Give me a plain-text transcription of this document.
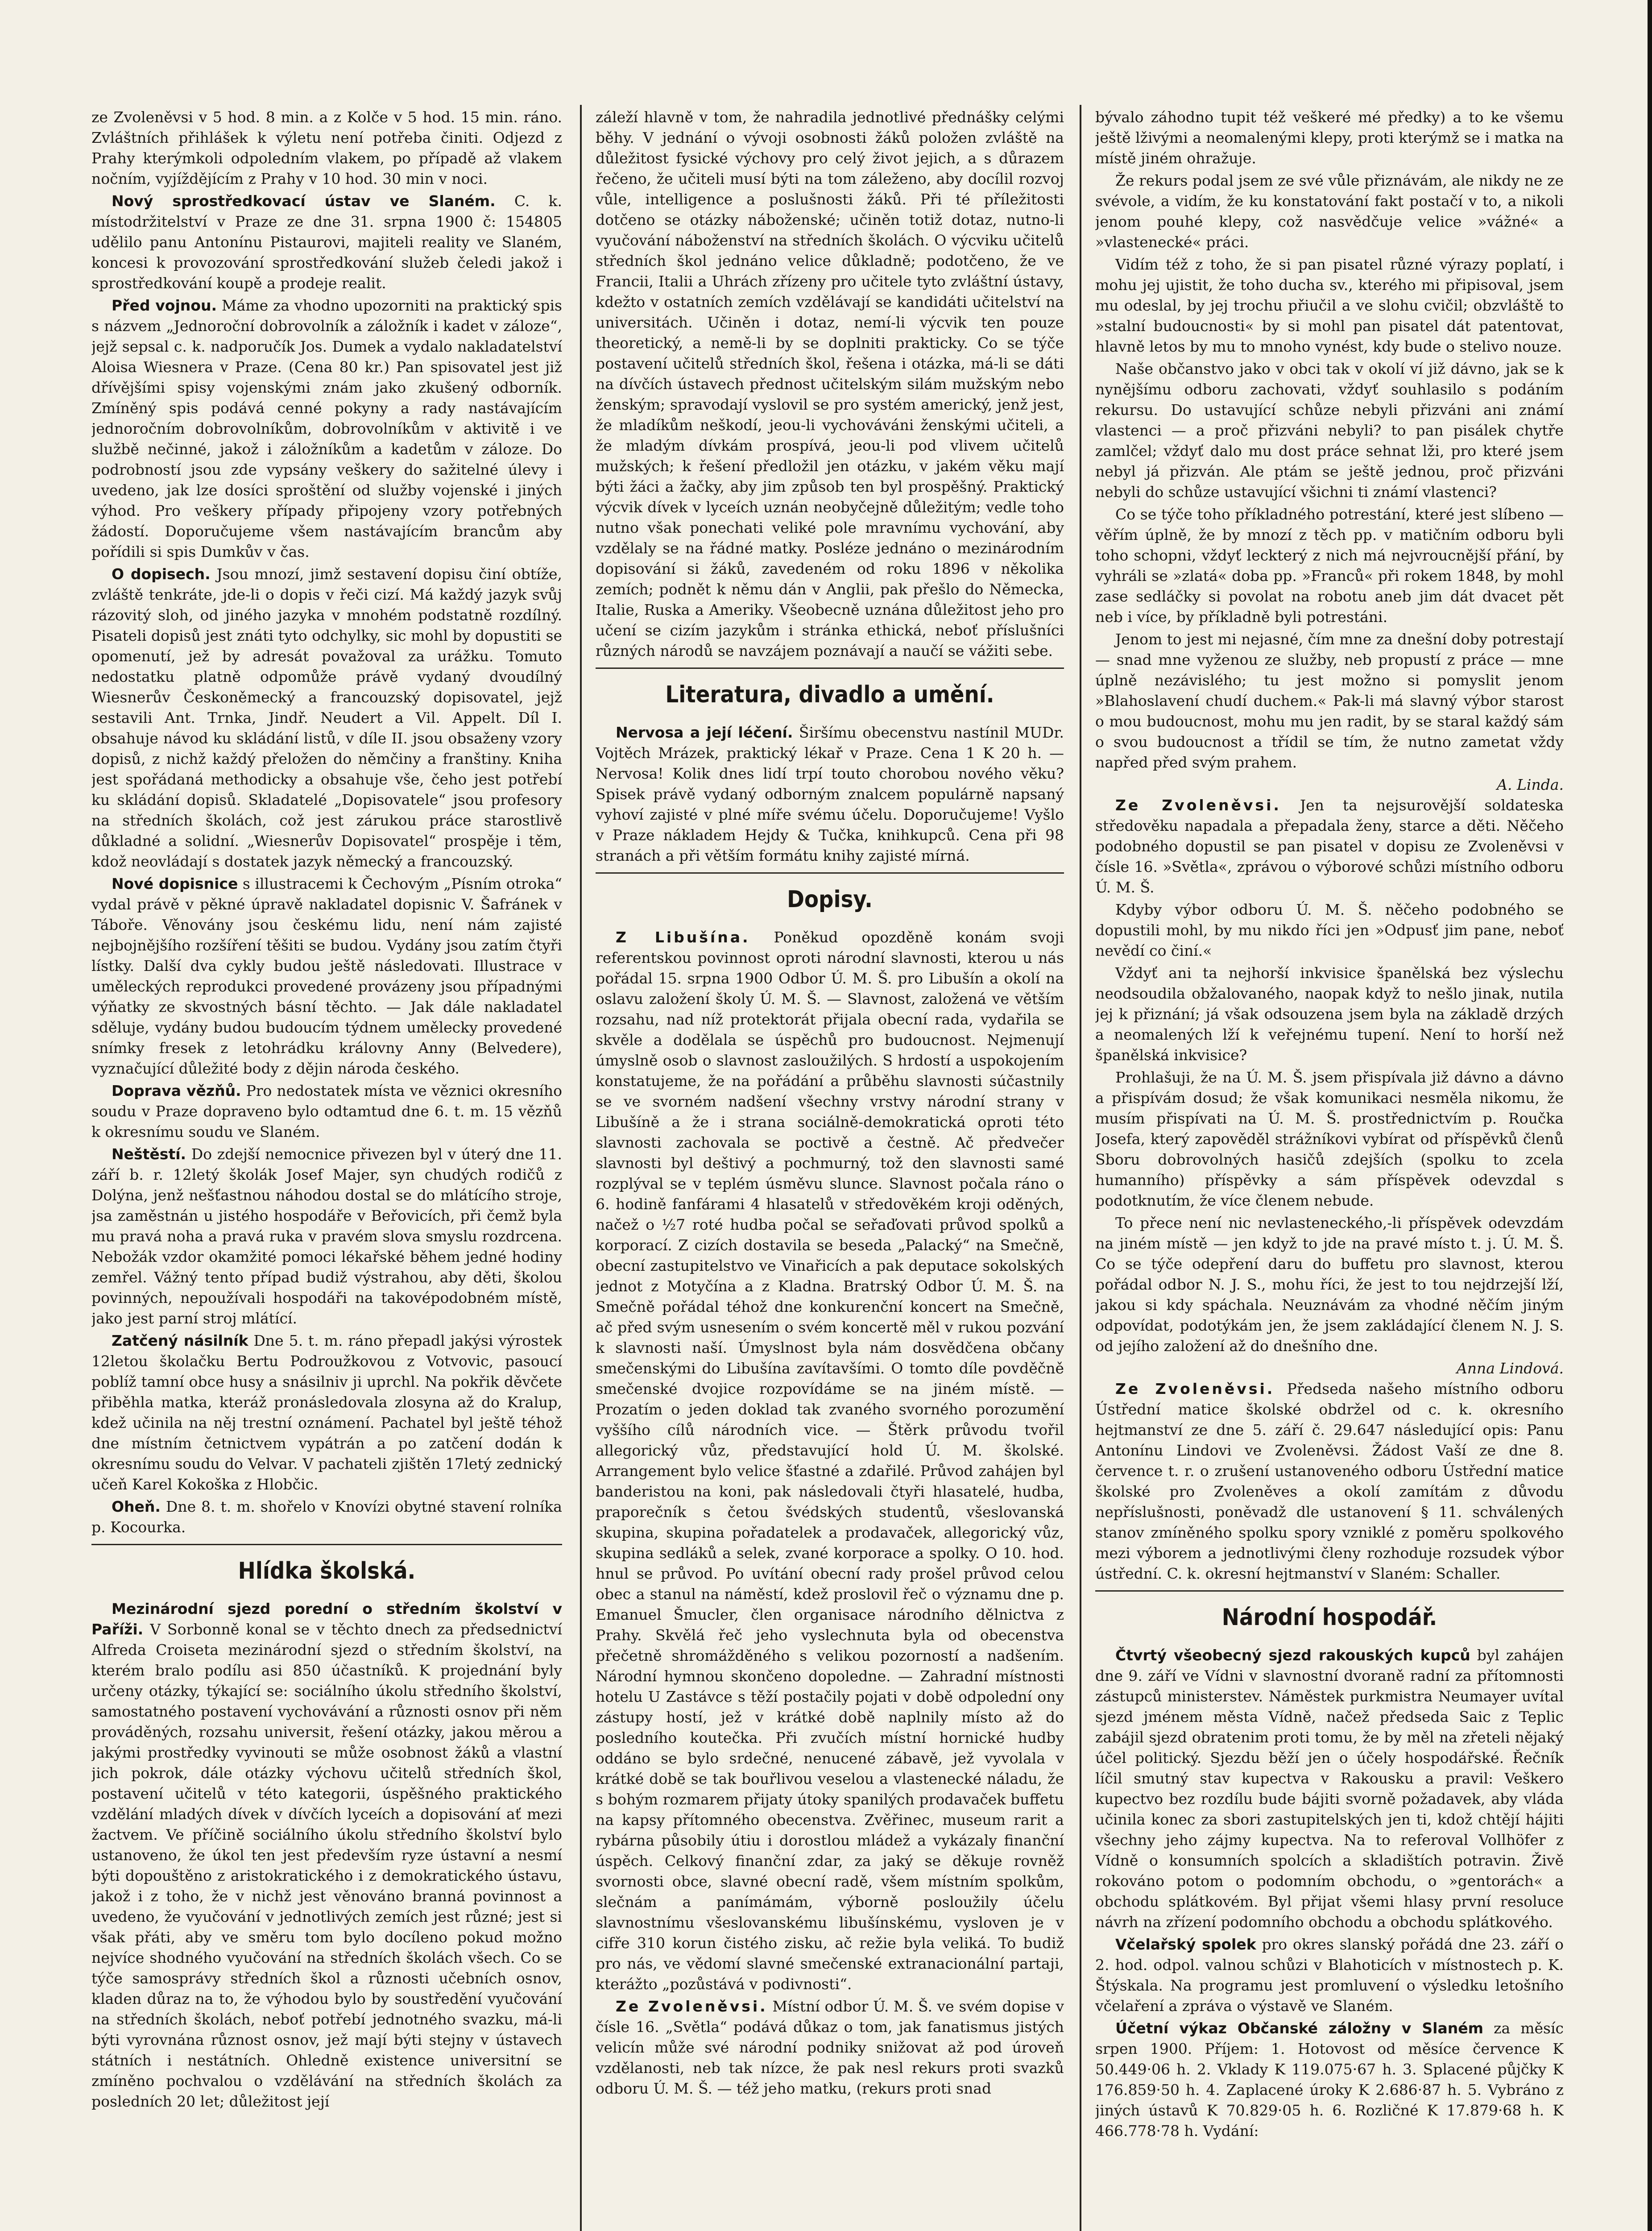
ze Zvoleněvsi v 5 hod. 8 min. a z Kolče v 5 hod. 15 min. ráno. Zvláštních přihlášek k výletu není potřeba činiti. Odjezd z Prahy kterýmkoli odpoledním vlakem, po případě až vlakem nočním, vyjíždějícím z Prahy v 10 hod. 30 min v noci.

Nový sprostředkovací ústav ve Slaném. C. k. místodržitelství v Praze ze dne 31. srpna 1900 č: 154805 udělilo panu Antonínu Pistaurovi, majiteli reality ve Slaném, koncesi k provozování sprostředkování služeb čeledi jakož i sprostředkování koupě a prodeje realit.

Před vojnou. Máme za vhodno upozorniti na praktický spis s názvem „Jednoroční dobrovolník a záložník i kadet v záloze“, jejž sepsal c. k. nadporučík Jos. Dumek a vydalo nakladatelství Aloisa Wiesnera v Praze. (Cena 80 kr.) Pan spisovatel jest již dřívějšími spisy vojenskými znám jako zkušený odborník. Zmíněný spis podává cenné pokyny a rady nastávajícím jednoročním dobrovolníkům, dobrovolníkům v aktivitě i ve službě nečinné, jakož i záložníkům a kadetům v záloze. Do podrobností jsou zde vypsány veškery do sažitelné úlevy i uvedeno, jak lze dosíci sproštění od služby vojenské i jiných výhod. Pro veškery případy připojeny vzory potřebných žádostí. Doporučujeme všem nastávajícím brancům aby pořídili si spis Dumkův v čas.

O dopisech. Jsou mnozí, jimž sestavení dopisu činí obtíže, zvláště tenkráte, jde-li o dopis v řeči cizí. Má každý jazyk svůj rázovitý sloh, od jiného jazyka v mnohém podstatně rozdílný. Pisateli dopisů jest znáti tyto odchylky, sic mohl by dopustiti se opomenutí, jež by adresát považoval za urážku. Tomuto nedostatku platně odpomůže právě vydaný dvoudílný Wiesnerův Českoněmecký a francouzský dopisovatel, jejž sestavili Ant. Trnka, Jindř. Neudert a Vil. Appelt. Díl I. obsahuje návod ku skládání listů, v díle II. jsou obsaženy vzory dopisů, z nichž každý přeložen do němčiny a franštiny. Kniha jest spořádaná methodicky a obsahuje vše, čeho jest potřebí ku skládání dopisů. Skladatelé „Dopisovatele“ jsou profesory na středních školách, což jest zárukou práce starostlivě důkladné a solidní. „Wiesnerův Dopisovatel“ prospěje i těm, kdož neovládají s dostatek jazyk německý a francouzský.

Nové dopisnice s illustracemi k Čechovým „Písním otroka“ vydal právě v pěkné úpravě nakladatel dopisnic V. Šafránek v Táboře. Věnovány jsou českému lidu, není nám zajisté nejbojnějšího rozšíření těšiti se budou. Vydány jsou zatím čtyři lístky. Další dva cykly budou ještě následovati. Illustrace v uměleckých reprodukci provedené provázeny jsou případnými výňatky ze skvostných básní těchto. — Jak dále nakladatel sděluje, vydány budou budoucím týdnem umělecky provedené snímky fresek z letohrádku královny Anny (Belvedere), vyznačující důležité body z dějin národa českého.

Doprava vězňů. Pro nedostatek místa ve věznici okresního soudu v Praze dopraveno bylo odtamtud dne 6. t. m. 15 vězňů k okresnímu soudu ve Slaném.

Neštěstí. Do zdejší nemocnice přivezen byl v úterý dne 11. září b. r. 12letý školák Josef Majer, syn chudých rodičů z Dolýna, jenž nešťastnou náhodou dostal se do mlátícího stroje, jsa zaměstnán u jistého hospodáře v Beřovicích, při čemž byla mu pravá noha a pravá ruka v pravém slova smyslu rozdrcena. Nebožák vzdor okamžité pomoci lékařské během jedné hodiny zemřel. Vážný tento případ budiž výstrahou, aby děti, školou povinných, nepoužívali hospodáři na takovépodobném místě, jako jest parní stroj mlátící.

Zatčený násilník Dne 5. t. m. ráno přepadl jakýsi výrostek 12letou školačku Bertu Podroužkovou z Votvovic, pasoucí poblíž tamní obce husy a snásilniv ji uprchl. Na pokřik děvčete přiběhla matka, kteráž pronásledovala zlosyna až do Kralup, kdež učinila na něj trestní oznámení. Pachatel byl ještě téhož dne místním četnictvem vypátrán a po zatčení dodán k okresnímu soudu do Velvar. V pachateli zjištěn 17letý zednický učeň Karel Kokoška z Hlobčic.

Oheň. Dne 8. t. m. shořelo v Knovízi obytné stavení rolníka p. Kocourka.

Hlídka školská.

Mezinárodní sjezd porední o středním školství v Paříži. V Sorbonně konal se v těchto dnech za předsednictví Alfreda Croiseta mezinárodní sjezd o středním školství, na kterém bralo podílu asi 850 účastníků. K projednání byly určeny otázky, týkající se: sociálního úkolu středního školství, samostatného postavení vychovávání a různosti osnov při něm prováděných, rozsahu universit, řešení otázky, jakou měrou a jakými prostředky vyvinouti se může osobnost žáků a vlastní jich pokrok, dále otázky výchovu učitelů středních škol, postavení učitelů v této kategorii, úspěšného praktického vzdělání mladých dívek v dívčích lyceích a dopisování ať mezi žactvem. Ve příčině sociálního úkolu středního školství bylo ustanoveno, že úkol ten jest především ryze ústavní a nesmí býti dopouštěno z aristokratického i z demokratického ústavu, jakož i z toho, že v nichž jest věnováno branná povinnost a uvedeno, že vyučování v jednotlivých zemích jest různé; jest si však přáti, aby ve směru tom bylo docíleno pokud možno nejvíce shodného vyučování na středních školách všech. Co se týče samosprávy středních škol a různosti učebních osnov, kladen důraz na to, že výhodou bylo by soustředění vyučování na středních školách, neboť potřebí jednotného svazku, má-li býti vyrovnána různost osnov, jež mají býti stejny v ústavech státních i nestátních. Ohledně existence universitní se zmíněno pochvalou o vzdělávání na středních školách za posledních 20 let; důležitost její

záleží hlavně v tom, že nahradila jednotlivé přednášky celými běhy. V jednání o vývoji osobnosti žáků položen zvláště na důležitost fysické výchovy pro celý život jejich, a s důrazem řečeno, že učiteli musí býti na tom záleženo, aby docílil rozvoj vůle, intelligence a poslušnosti žáků. Při té příležitosti dotčeno se otázky náboženské; učiněn totiž dotaz, nutno-li vyučování náboženství na středních školách. O výcviku učitelů středních škol jednáno velice důkladně; podotčeno, že ve Francii, Italii a Uhrách zřízeny pro učitele tyto zvláštní ústavy, kdežto v ostatních zemích vzdělávají se kandidáti učitelství na universitách. Učiněn i dotaz, nemí-li výcvik ten pouze theoretický, a nemě-li by se doplniti prakticky. Co se týče postavení učitelů středních škol, řešena i otázka, má-li se dáti na dívčích ústavech přednost učitelským silám mužským nebo ženským; spravodají vyslovil se pro systém americký, jenž jest, že mladíkům neškodí, jeou-li vychováváni ženskými učiteli, a že mladým dívkám prospívá, jeou-li pod vlivem učitelů mužských; k řešení předložil jen otázku, v jakém věku mají býti žáci a žačky, aby jim způsob ten byl prospěšný. Praktický výcvik dívek v lyceích uznán neobyčejně důležitým; vedle toho nutno však ponechati veliké pole mravnímu vychování, aby vzdělaly se na řádné matky. Posléze jednáno o mezinárodním dopisování si žáků, zavedeném od roku 1896 v několika zemích; podnět k němu dán v Anglii, pak přešlo do Německa, Italie, Ruska a Ameriky. Všeobecně uznána důležitost jeho pro učení se cizím jazykům i stránka ethická, neboť příslušníci různých národů se navzájem poznávají a naučí se vážiti sebe.

Literatura, divadlo a umění.

Nervosa a její léčení. Širšímu obecenstvu nastínil MUDr. Vojtěch Mrázek, praktický lékař v Praze. Cena 1 K 20 h. — Nervosa! Kolik dnes lidí trpí touto chorobou nového věku? Spisek právě vydaný odborným znalcem populárně napsaný vyhoví zajisté v plné míře svému účelu. Doporučujeme! Vyšlo v Praze nákladem Hejdy & Tučka, knihkupců. Cena při 98 stranách a při větším formátu knihy zajisté mírná.

Dopisy.

Z Libušína. Poněkud opozděně konám svoji referentskou povinnost oproti národní slavnosti, kterou u nás pořádal 15. srpna 1900 Odbor Ú. M. Š. pro Libušín a okolí na oslavu založení školy Ú. M. Š. — Slavnost, založená ve větším rozsahu, nad níž protektorát přijala obecní rada, vydařila se skvěle a dodělala se úspěchů pro budoucnost. Nejmenují úmyslně osob o slavnost zasloužilých. S hrdostí a uspokojením konstatujeme, že na pořádání a průběhu slavnosti súčastnily se ve svorném nadšení všechny vrstvy národní strany v Libušíně a že i strana sociálně-demokratická oproti této slavnosti zachovala se poctivě a čestně. Ač předvečer slavnosti byl deštivý a pochmurný, tož den slavnosti samé rozplýval se v teplém úsměvu slunce. Slavnost počala ráno o 6. hodině fanfárami 4 hlasatelů v středověkém kroji oděných, načež o ½7 roté hudba počal se seřaďovati průvod spolků a korporací. Z cizích dostavila se beseda „Palacký“ na Smečně, obecní zastupitelstvo ve Vinařicích a pak deputace sokolských jednot z Motyčína a z Kladna. Bratrský Odbor Ú. M. Š. na Smečně pořádal téhož dne konkurenční koncert na Smečně, ač před svým usnesením o svém koncertě měl v rukou pozvání k slavnosti naší. Úmyslnost byla nám dosvědčena občany smečenskými do Libušína zavítavšími. O tomto díle povděčně smečenské dvojice rozpovídáme se na jiném místě. — Prozatím o jeden doklad tak zvaného svorného porozumění vyššího cílů národních vice. — Štěrk průvodu tvořil allegorický vůz, představující hold Ú. M. školské. Arrangement bylo velice šťastné a zdařilé. Průvod zahájen byl banderistou na koni, pak následovali čtyři hlasatelé, hudba, praporečník s četou švédských studentů, všeslovanská skupina, skupina pořadatelek a prodavaček, allegorický vůz, skupina sedláků a selek, zvané korporace a spolky. O 10. hod. hnul se průvod. Po uvítání obecní rady prošel průvod celou obec a stanul na náměstí, kdež proslovil řeč o významu dne p. Emanuel Šmucler, člen organisace národního dělnictva z Prahy. Skvělá řeč jeho vyslechnuta byla od obecenstva přečetně shromážděného s velikou pozorností a nadšením. Národní hymnou skončeno dopoledne. — Zahradní místnosti hotelu U Zastávce s těží postačily pojati v době odpolední ony zástupy hostí, jež v krátké době naplnily místo až do posledního koutečka. Při zvučích místní hornické hudby oddáno se bylo srdečné, nenucené zábavě, jež vyvolala v krátké době se tak bouřlivou veselou a vlastenecké náladu, že s bohým rozmarem přijaty útoky spanilých prodavaček buffetu na kapsy přítomného obecenstva. Zvěřinec, museum rarit a rybárna působily útiu i dorostlou mládež a vykázaly finanční úspěch. Celkový finanční zdar, za jaký se děkuje rovněž svornosti obce, slavné obecní radě, všem místním spolkům, slečnám a panímámám, výborně posloužily účelu slavnostnímu všeslovanskému libušínskému, vysloven je v cifře 310 korun čistého zisku, ač režie byla veliká. To budiž pro nás, ve vědomí slavné smečenské extranacionální partaji, kterážto „pozůstává v podivnosti“.

Ze Zvoleněvsi. Místní odbor Ú. M. Š. ve svém dopise v čísle 16. „Světla“ podává důkaz o tom, jak fanatismus jistých velicín může své národní podniky snižovat až pod úroveň vzdělanosti, neb tak nízce, že pak nesl rekurs proti svazků odboru Ú. M. Š. — též jeho matku, (rekurs proti snad

bývalo záhodno tupit též veškeré mé předky) a to ke všemu ještě lživými a neomalenými klepy, proti kterýmž se i matka na místě jiném ohražuje.

Že rekurs podal jsem ze své vůle přiznávám, ale nikdy ne ze svévole, a vidím, že ku konstatování fakt postačí v to, a nikoli jenom pouhé klepy, což nasvědčuje velice »vážné« a »vlastenecké« práci.

Vidím též z toho, že si pan pisatel různé výrazy poplatí, i mohu jej ujistit, že toho ducha sv., kterého mi připisoval, jsem mu odeslal, by jej trochu přiučil a ve slohu cvičil; obzvláště to »stalní budoucnosti« by si mohl pan pisatel dát patentovat, hlavně letos by mu to mnoho vynést, kdy bude o stelivo nouze.

Naše občanstvo jako v obci tak v okolí ví již dávno, jak se k nynějšímu odboru zachovati, vždyť souhlasilo s podáním rekursu. Do ustavující schůze nebyli přizváni ani známí vlastenci — a proč přizváni nebyli? to pan pisálek chytře zamlčel; vždyť dalo mu dost práce sehnat lži, pro které jsem nebyl já přizván. Ale ptám se ještě jednou, proč přizváni nebyli do schůze ustavující všichni ti známí vlastenci?

Co se týče toho příkladného potrestání, které jest slíbeno — věřím úplně, že by mnozí z těch pp. v matičním odboru byli toho schopni, vždyť leckterý z nich má nejvroucnější přání, by vyhráli se »zlatá« doba pp. »Franců« při rokem 1848, by mohl zase sedláčky si povolat na robotu aneb jim dát dvacet pět neb i více, by příkladně byli potrestáni.

Jenom to jest mi nejasné, čím mne za dnešní doby potrestají — snad mne vyženou ze služby, neb propustí z práce — mne úplně nezávislého; tu jest možno si pomyslit jenom »Blahoslavení chudí duchem.« Pak-li má slavný výbor starost o mou budoucnost, mohu mu jen radit, by se staral každý sám o svou budoucnost a třídil se tím, že nutno zametat vždy napřed před svým prahem.

A. Linda.

Ze Zvoleněvsi. Jen ta nejsurovější soldateska středověku napadala a přepadala ženy, starce a děti. Něčeho podobného dopustil se pan pisatel v dopisu ze Zvoleněvsi v čísle 16. »Světla«, zprávou o výborové schůzi místního odboru Ú. M. Š.

Kdyby výbor odboru Ú. M. Š. něčeho podobného se dopustili mohl, by mu nikdo říci jen »Odpusť jim pane, neboť nevědí co činí.«

Vždyť ani ta nejhorší inkvisice španělská bez výslechu neodsoudila obžalovaného, naopak když to nešlo jinak, nutila jej k přiznání; já však odsouzena jsem byla na základě drzých a neomalených lží k veřejnému tupení. Není to horší než španělská inkvisice?

Prohlašuji, že na Ú. M. Š. jsem přispívala již dávno a dávno a přispívám dosud; že však komunikaci nesměla nikomu, že musím přispívati na Ú. M. Š. prostřednictvím p. Roučka Josefa, který zapověděl strážníkovi vybírat od příspěvků členů Sboru dobrovolných hasičů zdejších (spolku to zcela humanního) příspěvky a sám příspěvek odevzdal s podotknutím, že více členem nebude.

To přece není nic nevlasteneckého,-li příspěvek odevzdám na jiném místě — jen když to jde na pravé místo t. j. Ú. M. Š. Co se týče odepření daru do buffetu pro slavnost, kterou pořádal odbor N. J. S., mohu říci, že jest to tou nejdrzejší lží, jakou si kdy spáchala. Neuznávám za vhodné něčím jiným odpovídat, podotýkám jen, že jsem zakládající členem N. J. S. od jejího založení až do dnešního dne.

Anna Lindová.

Ze Zvoleněvsi. Předseda našeho místního odboru Ústřední matice školské obdržel od c. k. okresního hejtmanství ze dne 5. září č. 29.647 následující opis: Panu Antonínu Lindovi ve Zvoleněvsi. Žádost Vaší ze dne 8. července t. r. o zrušení ustanoveného odboru Ústřední matice školské pro Zvoleněves a okolí zamítám z důvodu nepříslušnosti, poněvadž dle ustanovení § 11. schválených stanov zmíněného spolku spory vzniklé z poměru spolkového mezi výborem a jednotlivými členy rozhoduje rozsudek výbor ústřední. C. k. okresní hejtmanství v Slaném: Schaller.

Národní hospodář.

Čtvrtý všeobecný sjezd rakouských kupců byl zahájen dne 9. září ve Vídni v slavnostní dvoraně radní za přítomnosti zástupců ministerstev. Náměstek purkmistra Neumayer uvítal sjezd jménem města Vídně, načež předseda Saic z Teplic zabájil sjezd obratenim proti tomu, že by měl na zřeteli nějaký účel politický. Sjezdu běží jen o účely hospodářské. Řečník líčil smutný stav kupectva v Rakousku a pravil: Veškero kupectvo bez rozdílu bude bájiti svorně požadavek, aby vláda učinila konec za sbori zastupitelských jen ti, kdož chtějí hájiti všechny jeho zájmy kupectva. Na to referoval Vollhöfer z Vídně o konsumních spolcích a skladištích potravin. Živě rokováno potom o podomním obchodu, o »gentorách« a obchodu splátkovém. Byl přijat všemi hlasy první resoluce návrh na zřízení podomního obchodu a obchodu splátkového.

Včelařský spolek pro okres slanský pořádá dne 23. září o 2. hod. odpol. valnou schůzi v Blahoticích v místnostech p. K. Štýskala. Na programu jest promluvení o výsledku letošního včelaření a zpráva o výstavě ve Slaném.

Účetní výkaz Občanské záložny v Slaném za měsíc srpen 1900. Příjem: 1. Hotovost od měsíce července K 50.449·06 h. 2. Vklady K 119.075·67 h. 3. Splacené půjčky K 176.859·50 h. 4. Zaplacené úroky K 2.686·87 h. 5. Vybráno z jiných ústavů K 70.829·05 h. 6. Rozličné K 17.879·68 h. K 466.778·78 h. Vydání:
